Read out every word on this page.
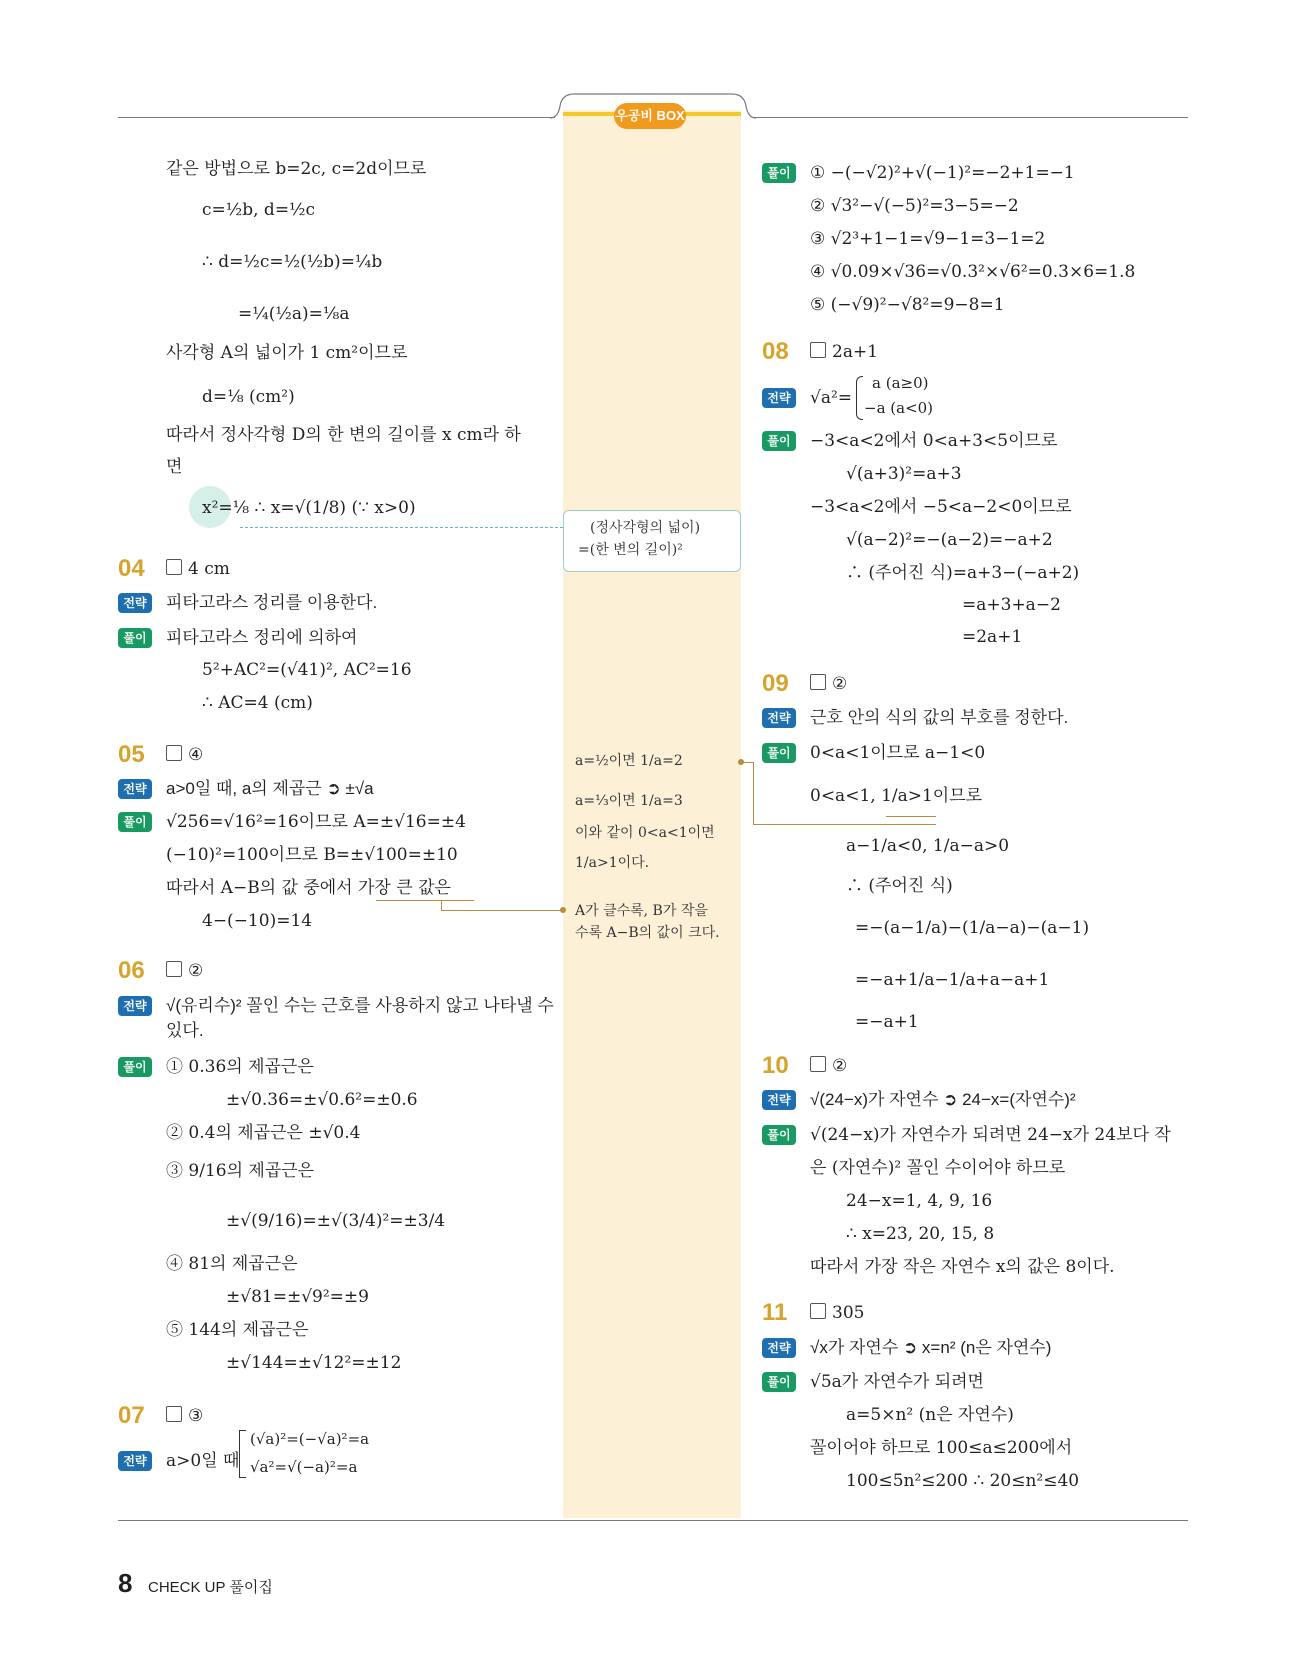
우공비 BOX
같은 방법으로 b=2c, c=2d이므로
c=½b, d=½c
∴ d=½c=½(½b)=¼b
=¼(½a)=⅛a
사각형 A의 넓이가 1 cm²이므로
d=⅛ (cm²)
따라서 정사각형 D의 한 변의 길이를 x cm라 하
면
x²=⅛ ∴ x=√(1/8) (∵ x>0)
04	4 cm
전략	피타고라스 정리를 이용한다.
풀이	피타고라스 정리에 의하여
5²+AC²=(√41)², AC²=16
∴ AC=4 (cm)
05	④
전략	a>0일 때, a의 제곱근 ➲ ±√a
풀이	√256=√16²=16이므로 A=±√16=±4
(−10)²=100이므로 B=±√100=±10
따라서 A−B의 값 중에서 가장 큰 값은
4−(−10)=14
06	②
전략	√(유리수)² 꼴인 수는 근호를 사용하지 않고 나타낼 수
있다.
풀이	① 0.36의 제곱근은
±√0.36=±√0.6²=±0.6
② 0.4의 제곱근은 ±√0.4
③ 9/16의 제곱근은
±√(9/16)=±√(3/4)²=±3/4
④ 81의 제곱근은
±√81=±√9²=±9
⑤ 144의 제곱근은
±√144=±√12²=±12
07	③
전략	a>0일 때
(√a)²=(−√a)²=a
√a²=√(−a)²=a
(정사각형의 넓이)
=(한 변의 길이)²
a=½이면 1/a=2
a=⅓이면 1/a=3
이와 같이 0<a<1이면
1/a>1이다.
A가 클수록, B가 작을
수록 A−B의 값이 크다.
풀이	① −(−√2)²+√(−1)²=−2+1=−1
② √3²−√(−5)²=3−5=−2
③ √2³+1−1=√9−1=3−1=2
④ √0.09×√36=√0.3²×√6²=0.3×6=1.8
⑤ (−√9)²−√8²=9−8=1
08	2a+1
전략	√a²=
a (a≥0)
−a (a<0)
풀이	−3<a<2에서 0<a+3<5이므로
√(a+3)²=a+3
−3<a<2에서 −5<a−2<0이므로
√(a−2)²=−(a−2)=−a+2
∴ (주어진 식)=a+3−(−a+2)
=a+3+a−2
=2a+1
09	②
전략	근호 안의 식의 값의 부호를 정한다.
풀이	0<a<1이므로 a−1<0
0<a<1, 1/a>1이므로
a−1/a<0, 1/a−a>0
∴ (주어진 식)
=−(a−1/a)−(1/a−a)−(a−1)
=−a+1/a−1/a+a−a+1
=−a+1
10	②
전략	√(24−x)가 자연수 ➲ 24−x=(자연수)²
풀이	√(24−x)가 자연수가 되려면 24−x가 24보다 작
은 (자연수)² 꼴인 수이어야 하므로
24−x=1, 4, 9, 16
∴ x=23, 20, 15, 8
따라서 가장 작은 자연수 x의 값은 8이다.
11	305
전략	√x가 자연수 ➲ x=n² (n은 자연수)
풀이	√5a가 자연수가 되려면
a=5×n² (n은 자연수)
꼴이어야 하므로 100≤a≤200에서
100≤5n²≤200 ∴ 20≤n²≤40
8 CHECK UP 풀이집
